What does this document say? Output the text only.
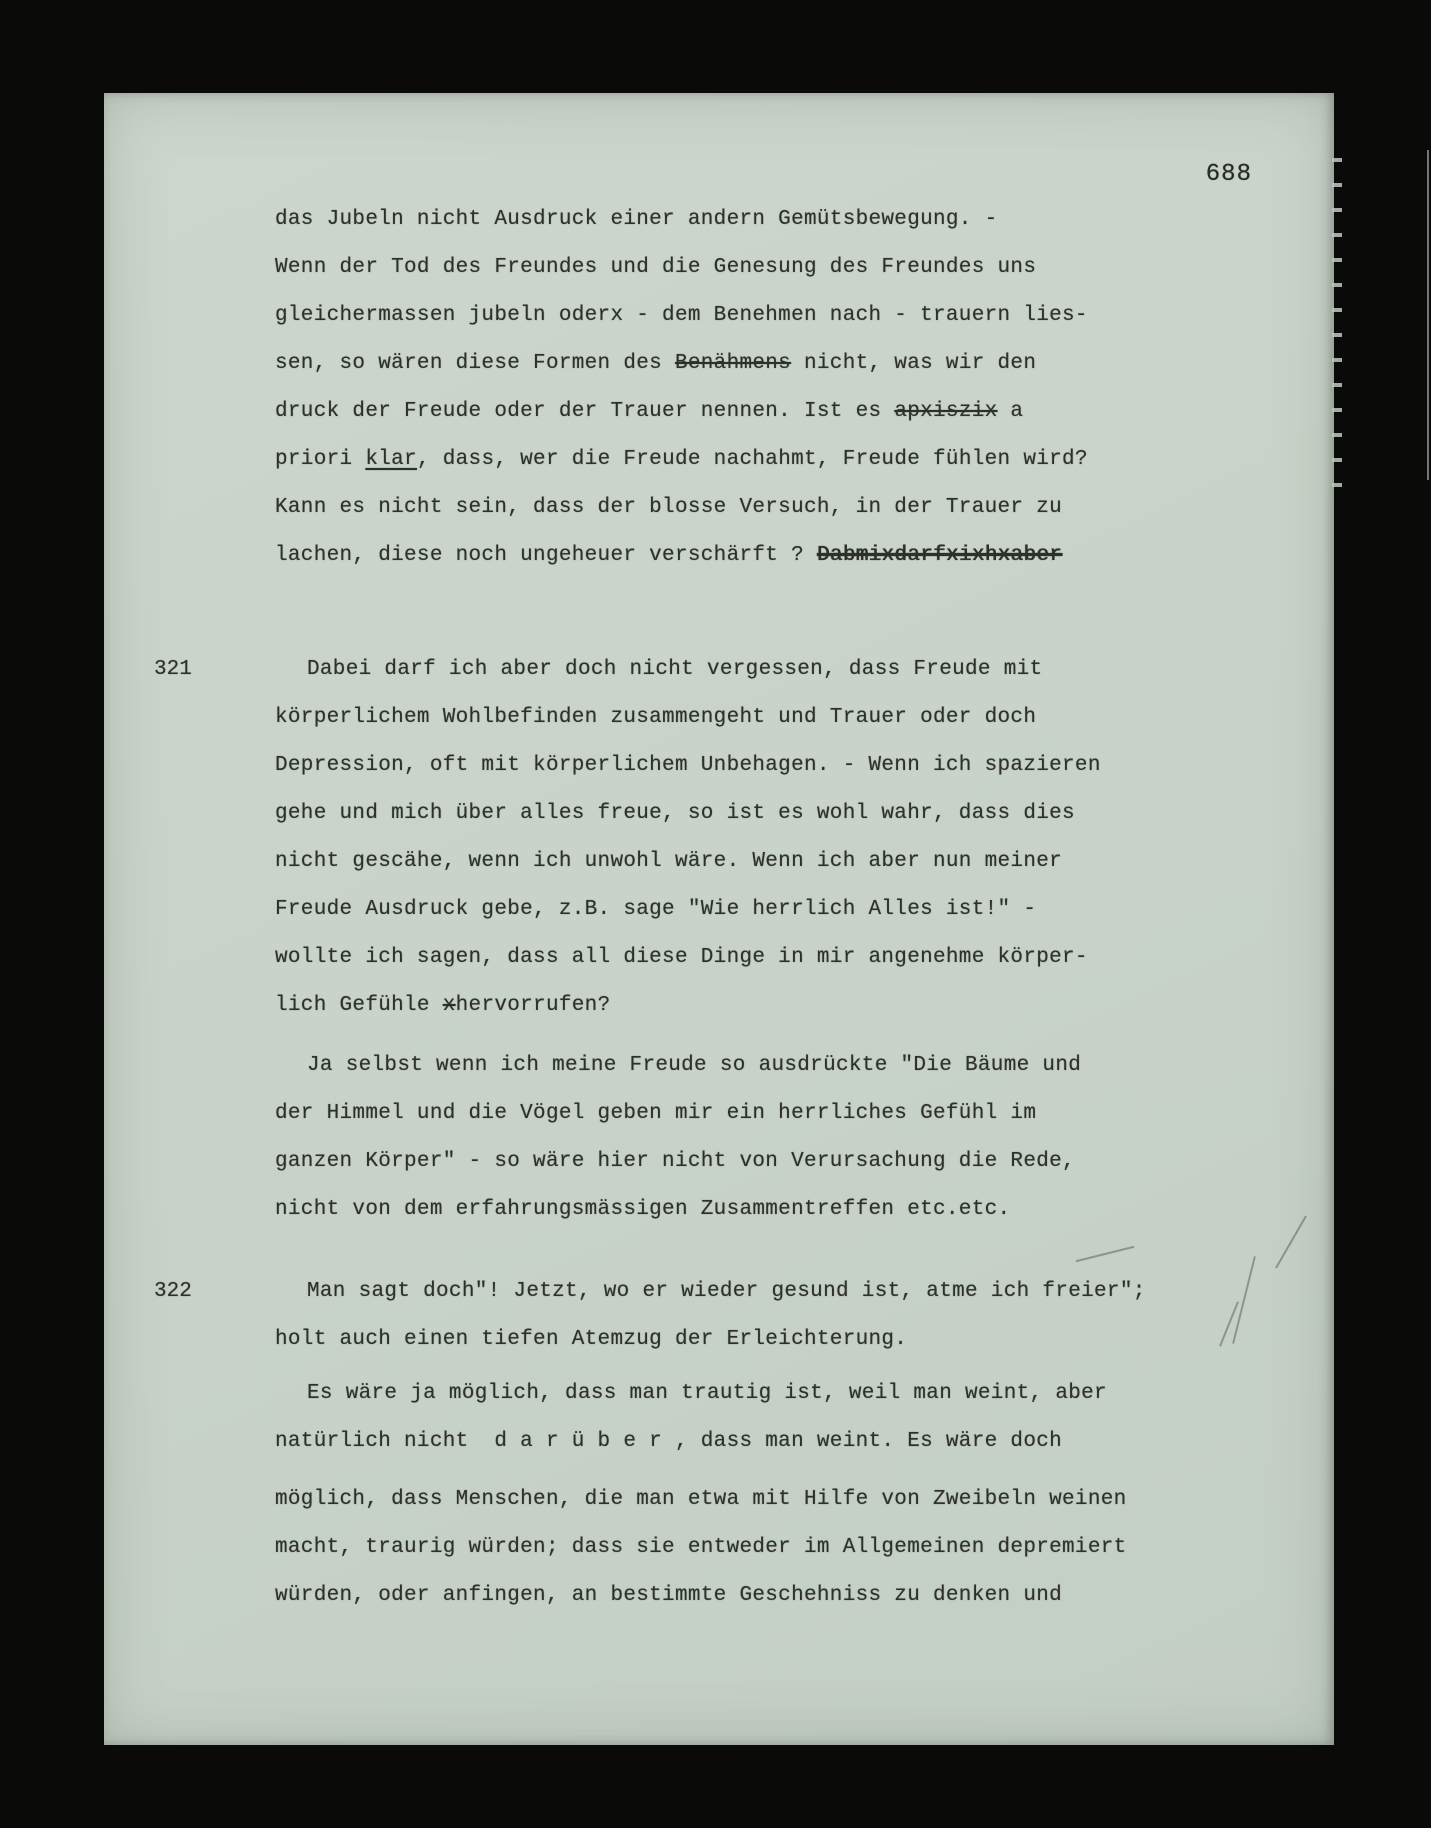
688
das Jubeln nicht Ausdruck einer andern Gemütsbewegung. -
Wenn der Tod des Freundes und die Genesung des Freundes uns
gleichermassen jubeln oderx - dem Benehmen nach - trauern lies-
sen, so wären diese Formen des Benähmens nicht, was wir den
druck der Freude oder der Trauer nennen. Ist es apxiszix a
priori klar, dass, wer die Freude nachahmt, Freude fühlen wird?
Kann es nicht sein, dass der blosse Versuch, in der Trauer zu
lachen, diese noch ungeheuer verschärft ? Dabmixdarfxixhxaber
321	Dabei darf ich aber doch nicht vergessen, dass Freude mit
körperlichem Wohlbefinden zusammengeht und Trauer oder doch
Depression, oft mit körperlichem Unbehagen. - Wenn ich spazieren
gehe und mich über alles freue, so ist es wohl wahr, dass dies
nicht gescähe, wenn ich unwohl wäre. Wenn ich aber nun meiner
Freude Ausdruck gebe, z.B. sage "Wie herrlich Alles ist!" -
wollte ich sagen, dass all diese Dinge in mir angenehme körper-
lich Gefühle xhervorrufen?
Ja selbst wenn ich meine Freude so ausdrückte "Die Bäume und
der Himmel und die Vögel geben mir ein herrliches Gefühl im
ganzen Körper" - so wäre hier nicht von Verursachung die Rede,
nicht von dem erfahrungsmässigen Zusammentreffen etc.etc.
322	Man sagt doch"! Jetzt, wo er wieder gesund ist, atme ich freier";
holt auch einen tiefen Atemzug der Erleichterung.
Es wäre ja möglich, dass man trautig ist, weil man weint, aber
natürlich nicht  d a r ü b e r , dass man weint. Es wäre doch
möglich, dass Menschen, die man etwa mit Hilfe von Zweibeln weinen
macht, traurig würden; dass sie entweder im Allgemeinen depremiert
würden, oder anfingen, an bestimmte Geschehniss zu denken und
